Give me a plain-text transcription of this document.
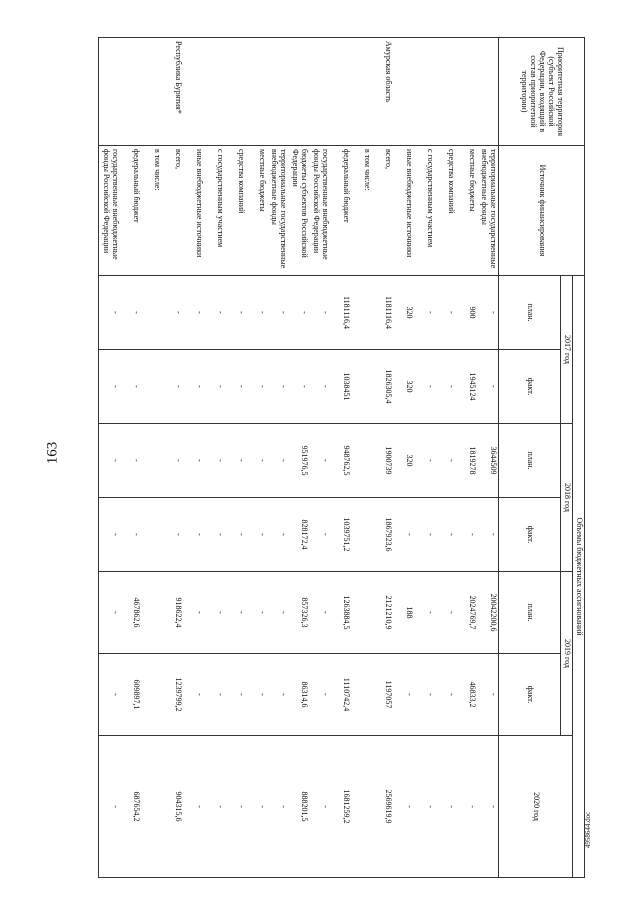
163
4958644.doc
Приоритетная территория (субъект Российской Федерации, входящий в состав приоритетной территории)	Источник финансирования	Объемы бюджетных ассигнований						
		2017 год		2018 год		2019 год		2020 год
		план.	факт.	план.	факт.	план.	факт.	
	территориальные государственные внебюджетные фонды	-	-	3644509	-	20042200,6	-	-
	местные бюджеты	900	1945124	1819278	-	2024769,7	46833,2	-
	средства компаний	-	-	-	-	-	-	-
	с государственным участием	-	-	-	-	-	-	-
	иные внебюджетные источники	320	320	320	-	188	-	-
Амурская область	всего,	1181116,4	1826305,4	1900739	1867923,6	2121210,9	1197057	2569619,9
	в том числе:							
	федеральный бюджет	1181116,4	1038451	948762,5	1039751,2	1263884,5	1110742,4	1681259,2
	государственные внебюджетные фонды Российской Федерации	-	-	-	-	-	-	-
	бюджеты субъектов Российской Федерации	-	-	951976,5	828172,4	857326,3	86314,6	888201,5
	территориальные государственные внебюджетные фонды	-	-	-	-	-	-	-
	местные бюджеты	-	-	-	-	-	-	-
	средства компаний	-	-	-	-	-	-	-
	с государственным участием	-	-	-	-	-	-	-
	иные внебюджетные источники	-	-	-	-	-	-	-
Республика Бурятия*	всего,	-	-	-	-	918622,4	1239799,2	904315,6
	в том числе:							
	федеральный бюджет	-	-	-	-	467862,6	609897,1	687654,2
	государственные внебюджетные фонды Российской Федерации	-	-	-	-	-	-	-
